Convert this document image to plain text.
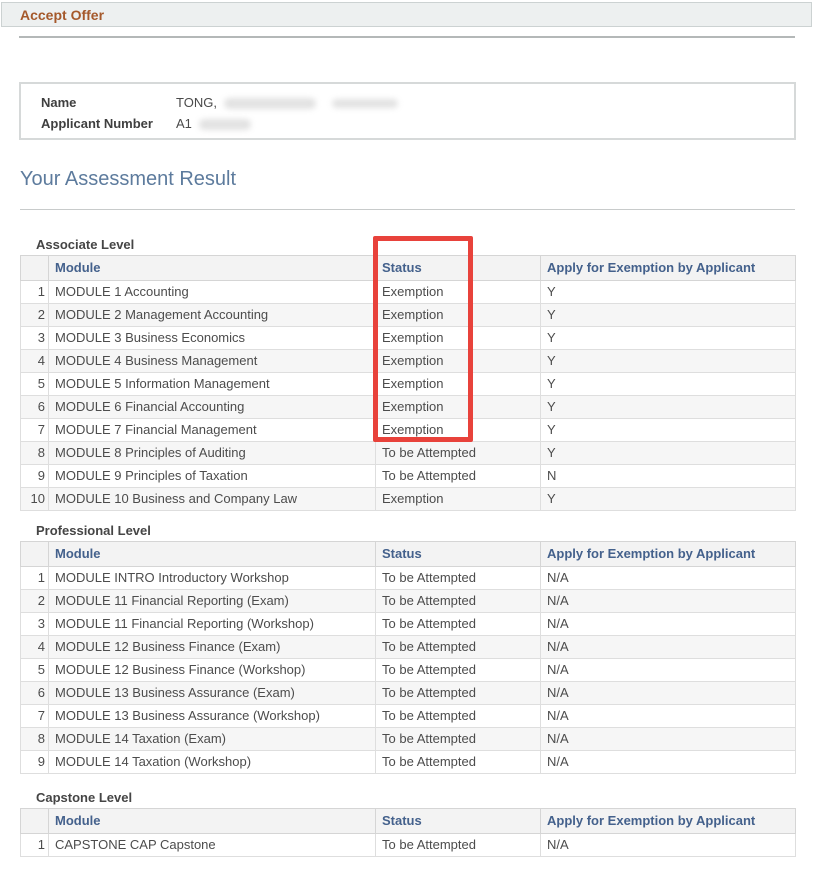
Accept Offer
Name	TONG,
Applicant Number	A1
Your Assessment Result
Associate Level
	Module	Status	Apply for Exemption by Applicant
1	MODULE 1 Accounting	Exemption	Y
2	MODULE 2 Management Accounting	Exemption	Y
3	MODULE 3 Business Economics	Exemption	Y
4	MODULE 4 Business Management	Exemption	Y
5	MODULE 5 Information Management	Exemption	Y
6	MODULE 6 Financial Accounting	Exemption	Y
7	MODULE 7 Financial Management	Exemption	Y
8	MODULE 8 Principles of Auditing	To be Attempted	Y
9	MODULE 9 Principles of Taxation	To be Attempted	N
10	MODULE 10 Business and Company Law	Exemption	Y
Professional Level
	Module	Status	Apply for Exemption by Applicant
1	MODULE INTRO Introductory Workshop	To be Attempted	N/A
2	MODULE 11 Financial Reporting (Exam)	To be Attempted	N/A
3	MODULE 11 Financial Reporting (Workshop)	To be Attempted	N/A
4	MODULE 12 Business Finance (Exam)	To be Attempted	N/A
5	MODULE 12 Business Finance (Workshop)	To be Attempted	N/A
6	MODULE 13 Business Assurance (Exam)	To be Attempted	N/A
7	MODULE 13 Business Assurance (Workshop)	To be Attempted	N/A
8	MODULE 14 Taxation (Exam)	To be Attempted	N/A
9	MODULE 14 Taxation (Workshop)	To be Attempted	N/A
Capstone Level
	Module	Status	Apply for Exemption by Applicant
1	CAPSTONE CAP Capstone	To be Attempted	N/A
